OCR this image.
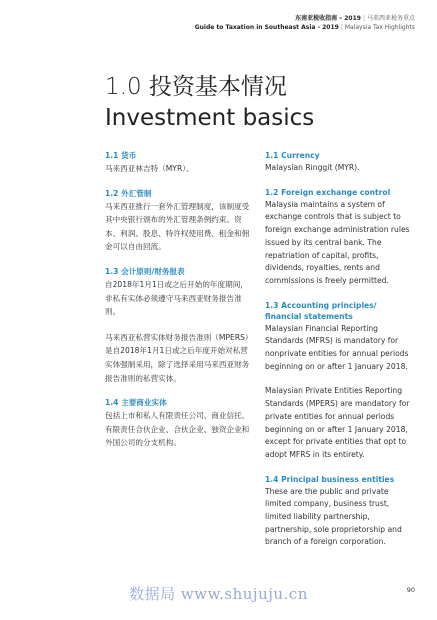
东南亚税收指南 – 2019 | 马来西亚税务重点
Guide to Taxation in Southeast Asia - 2019 | Malaysia Tax Highlights
1.0 投资基本情况
Investment basics
1.1 货币
马来西亚林吉特（MYR）。
1.2 外汇管制
马来西亚推行一套外汇管理制度，该制度受其中央银行颁布的外汇管理条例约束。资本、利润、股息、特许权使用费、租金和佣金可以自由回流。
1.3 会计原则/财务报表
自2018年1月1日或之后开始的年度期间，非私有实体必须遵守马来西亚财务报告准则。
马来西亚私营实体财务报告准则（MPERS）是自2018年1月1日或之后年度开始对私营实体强制采用，除了选择采用马来西亚财务报告准则的私营实体。
1.4 主要商业实体
包括上市和私人有限责任公司、商业信托、有限责任合伙企业、合伙企业、独资企业和外国公司的分支机构。
1.1 Currency
Malaysian Ringgit (MYR).
1.2 Foreign exchange control
Malaysia maintains a system of exchange controls that is subject to foreign exchange administration rules issued by its central bank. The repatriation of capital, profits, dividends, royalties, rents and commissions is freely permitted.
1.3 Accounting principles/ financial statements
Malaysian Financial Reporting Standards (MFRS) is mandatory for nonprivate entities for annual periods beginning on or after 1 January 2018.
Malaysian Private Entities Reporting Standards (MPERS) are mandatory for private entities for annual periods beginning on or after 1 January 2018, except for private entities that opt to adopt MFRS in its entirety.
1.4 Principal business entities
These are the public and private limited company, business trust, limited liability partnership, partnership, sole proprietorship and branch of a foreign corporation.
数据局 www.shujuju.cn	90
